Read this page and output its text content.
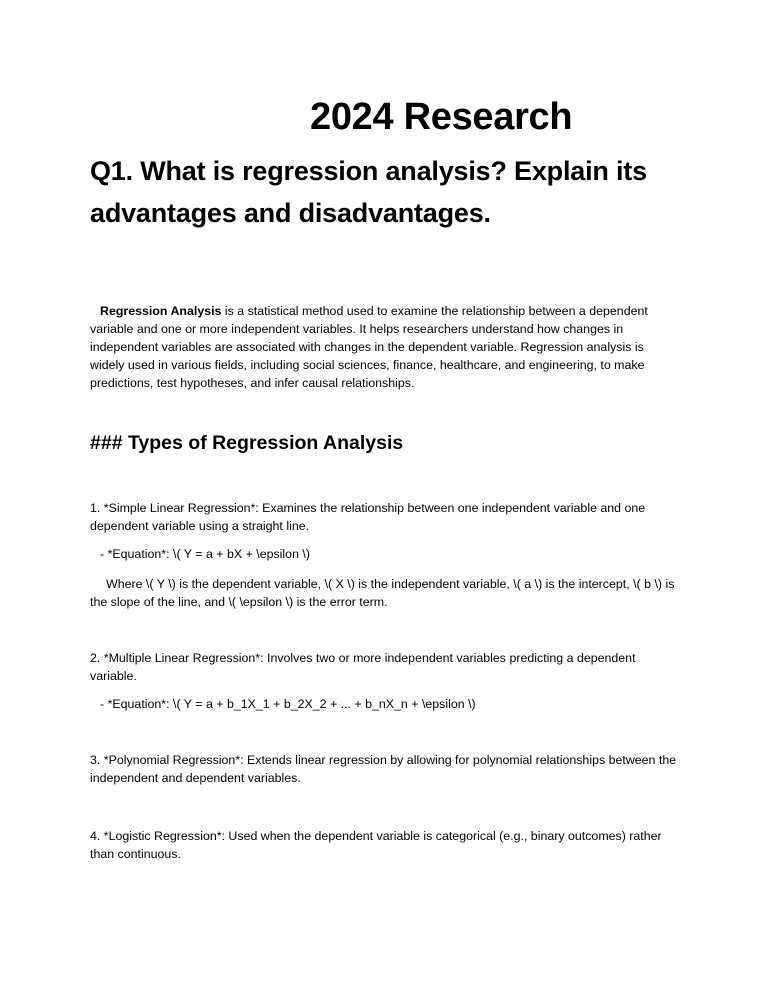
2024 Research
Q1. What is regression analysis? Explain its advantages and disadvantages.
Regression Analysis is a statistical method used to examine the relationship between a dependent variable and one or more independent variables. It helps researchers understand how changes in independent variables are associated with changes in the dependent variable. Regression analysis is widely used in various fields, including social sciences, finance, healthcare, and engineering, to make predictions, test hypotheses, and infer causal relationships.
### Types of Regression Analysis
1. *Simple Linear Regression*: Examines the relationship between one independent variable and one dependent variable using a straight line.
- *Equation*: \( Y = a + bX + \epsilon \)
Where \( Y \) is the dependent variable, \( X \) is the independent variable, \( a \) is the intercept, \( b \) is the slope of the line, and \( \epsilon \) is the error term.
2. *Multiple Linear Regression*: Involves two or more independent variables predicting a dependent variable.
- *Equation*: \( Y = a + b_1X_1 + b_2X_2 + ... + b_nX_n + \epsilon \)
3. *Polynomial Regression*: Extends linear regression by allowing for polynomial relationships between the independent and dependent variables.
4. *Logistic Regression*: Used when the dependent variable is categorical (e.g., binary outcomes) rather than continuous.
